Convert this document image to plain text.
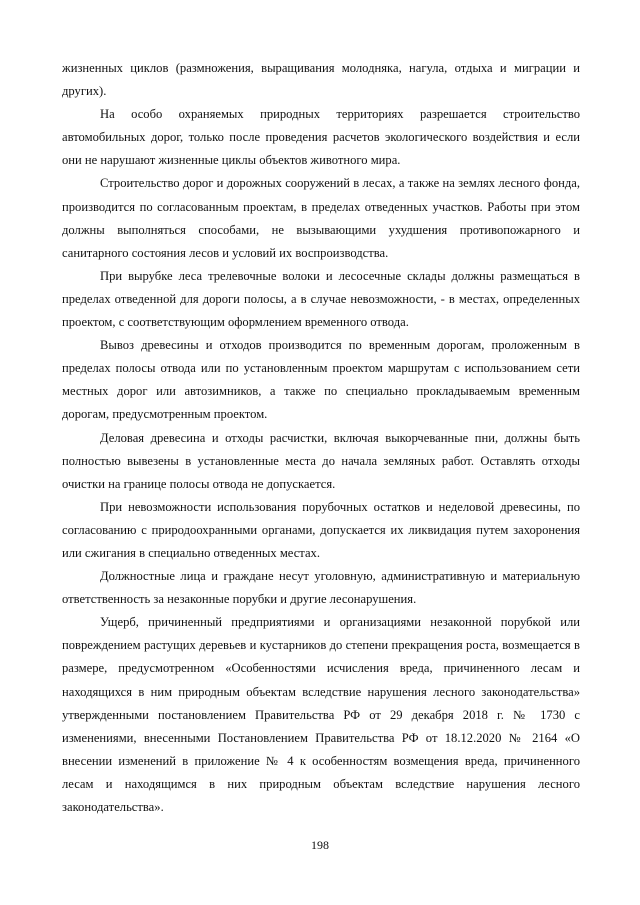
жизненных циклов (размножения, выращивания молодняка, нагула, отдыха и миграции и других).

На особо охраняемых природных территориях разрешается строительство автомобильных дорог, только после проведения расчетов экологического воздействия и если они не нарушают жизненные циклы объектов животного мира.

Строительство дорог и дорожных сооружений в лесах, а также на землях лесного фонда, производится по согласованным проектам, в пределах отведенных участков. Работы при этом должны выполняться способами, не вызывающими ухудшения противопожарного и санитарного состояния лесов и условий их воспроизводства.

При вырубке леса трелевочные волоки и лесосечные склады должны размещаться в пределах отведенной для дороги полосы, а в случае невозможности, - в местах, определенных проектом, с соответствующим оформлением временного отвода.

Вывоз древесины и отходов производится по временным дорогам, проложенным в пределах полосы отвода или по установленным проектом маршрутам с использованием сети местных дорог или автозимников, а также по специально прокладываемым временным дорогам, предусмотренным проектом.

Деловая древесина и отходы расчистки, включая выкорчеванные пни, должны быть полностью вывезены в установленные места до начала земляных работ. Оставлять отходы очистки на границе полосы отвода не допускается.

При невозможности использования порубочных остатков и неделовой древесины, по согласованию с природоохранными органами, допускается их ликвидация путем захоронения или сжигания в специально отведенных местах.

Должностные лица и граждане несут уголовную, административную и материальную ответственность за незаконные порубки и другие лесонарушения.

Ущерб, причиненный предприятиями и организациями незаконной порубкой или повреждением растущих деревьев и кустарников до степени прекращения роста, возмещается в размере, предусмотренном «Особенностями исчисления вреда, причиненного лесам и находящихся в ним природным объектам вследствие нарушения лесного законодательства» утвержденными постановлением Правительства РФ от 29 декабря 2018 г. № 1730 с изменениями, внесенными Постановлением Правительства РФ от 18.12.2020 № 2164 «О внесении изменений в приложение № 4 к особенностям возмещения вреда, причиненного лесам и находящимся в них природным объектам вследствие нарушения лесного законодательства».

198
